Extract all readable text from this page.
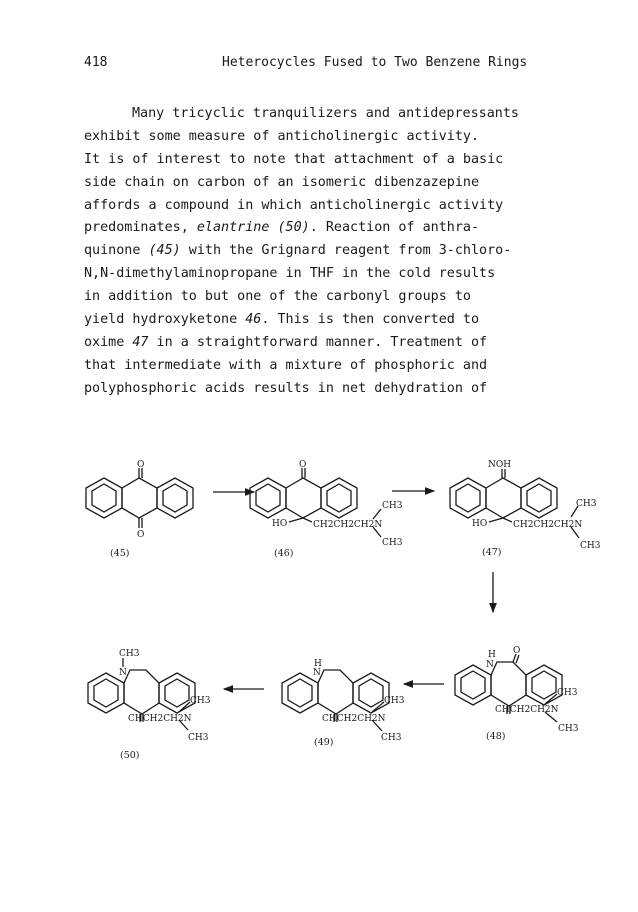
418	Heterocycles Fused to Two Benzene Rings
Many tricyclic tranquilizers and antidepressants
exhibit some measure of anticholinergic activity.
It is of interest to note that attachment of a basic
side chain on carbon of an isomeric dibenzazepine
affords a compound in which anticholinergic activity
predominates, elantrine (50). Reaction of anthra-
quinone (45) with the Grignard reagent from 3-chloro-
N,N-dimethylaminopropane in THF in the cold results
in addition to but one of the carbonyl groups to
yield hydroxyketone 46. This is then converted to
oxime 47 in a straightforward manner. Treatment of
that intermediate with a mixture of phosphoric and
polyphosphoric acids results in net dehydration of
O
O
(45)
O
HO	CH2CH2CH2N
CH3
CH3
(46)
NOH
HO	CH2CH2CH2N
CH3
CH3
(47)
O
N
H
CHCH2CH2N
CH3
CH3
(48)
N
H
CHCH2CH2N
CH3
CH3
(49)
N
CH3
CHCH2CH2N
CH3
CH3
(50)
